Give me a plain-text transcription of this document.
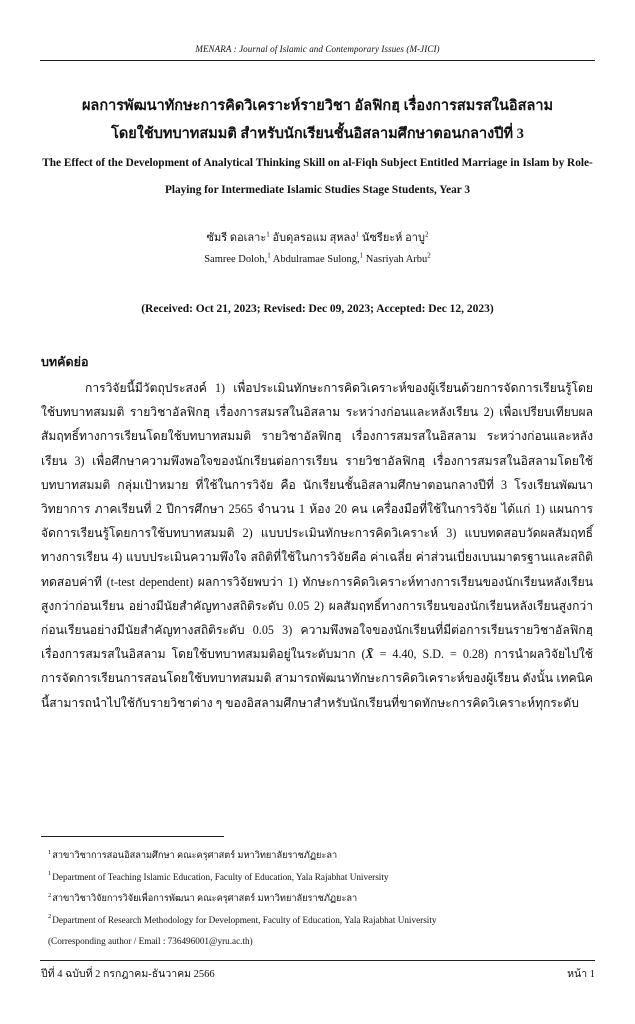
MENARA : Journal of Islamic and Contemporary Issues (M-JICI)
ผลการพัฒนาทักษะการคิดวิเคราะห์รายวิชา อัลฟิกฮฺ เรื่องการสมรสในอิสลาม
โดยใช้บทบาทสมมติ สำหรับนักเรียนชั้นอิสลามศึกษาตอนกลางปีที่ 3
The Effect of the Development of Analytical Thinking Skill on al-Fiqh Subject Entitled Marriage in Islam by Role-Playing for Intermediate Islamic Studies Stage Students, Year 3
ซัมรี ดอเลาะ$^1$ อับดุลรอแม สุหลง$^1$ นัซรียะห์ อาบู$^2$
Samree Doloh,$^1$ Abdulramae Sulong,$^1$ Nasriyah Arbu$^2$
(Received: Oct 21, 2023; Revised: Dec 09, 2023; Accepted: Dec 12, 2023)
บทคัดย่อ
การวิจัยนี้มีวัตถุประสงค์ 1) เพื่อประเมินทักษะการคิดวิเคราะห์ของผู้เรียนด้วยการจัดการเรียนรู้โดยใช้บทบาทสมมติ รายวิชาอัลฟิกฮฺ เรื่องการสมรสในอิสลาม ระหว่างก่อนและหลังเรียน 2) เพื่อเปรียบเทียบผลสัมฤทธิ์ทางการเรียนโดยใช้บทบาทสมมติ รายวิชาอัลฟิกฮฺ เรื่องการสมรสในอิสลาม ระหว่างก่อนและหลังเรียน 3) เพื่อศึกษาความพึงพอใจของนักเรียนต่อการเรียน รายวิชาอัลฟิกฮฺ เรื่องการสมรสในอิสลามโดยใช้บทบาทสมมติ กลุ่มเป้าหมาย ที่ใช้ในการวิจัย คือ นักเรียนชั้นอิสลามศึกษาตอนกลางปีที่ 3 โรงเรียนพัฒนาวิทยาการ ภาคเรียนที่ 2 ปีการศึกษา 2565 จำนวน 1 ห้อง 20 คน เครื่องมือที่ใช้ในการวิจัย ได้แก่ 1) แผนการจัดการเรียนรู้โดยการใช้บทบาทสมมติ 2) แบบประเมินทักษะการคิดวิเคราะห์ 3) แบบทดสอบวัดผลสัมฤทธิ์ทางการเรียน 4) แบบประเมินความพึงใจ สถิติที่ใช้ในการวิจัยคือ ค่าเฉลี่ย ค่าส่วนเบี่ยงเบนมาตรฐานและสถิติทดสอบค่าที (t-test dependent) ผลการวิจัยพบว่า 1) ทักษะการคิดวิเคราะห์ทางการเรียนของนักเรียนหลังเรียนสูงกว่าก่อนเรียน อย่างมีนัยสำคัญทางสถิติระดับ 0.05 2) ผลสัมฤทธิ์ทางการเรียนของนักเรียนหลังเรียนสูงกว่าก่อนเรียนอย่างมีนัยสำคัญทางสถิติระดับ 0.05 3) ความพึงพอใจของนักเรียนที่มีต่อการเรียนรายวิชาอัลฟิกฮฺ เรื่องการสมรสในอิสลาม โดยใช้บทบาทสมมติอยู่ในระดับมาก (X̄ = 4.40, S.D. = 0.28) การนำผลวิจัยไปใช้ การจัดการเรียนการสอนโดยใช้บทบาทสมมติ สามารถพัฒนาทักษะการคิดวิเคราะห์ของผู้เรียน ดังนั้น เทคนิคนี้สามารถนำไปใช้กับรายวิชาต่าง ๆ ของอิสลามศึกษาสำหรับนักเรียนที่ขาดทักษะการคิดวิเคราะห์ทุกระดับ
$^1$สาขาวิชาการสอนอิสลามศึกษา คณะครุศาสตร์ มหาวิทยาลัยราชภัฏยะลา
$^1$Department of Teaching Islamic Education, Faculty of Education, Yala Rajabhat University
$^2$สาขาวิชาวิจัยการวิจัยเพื่อการพัฒนา คณะครุศาสตร์ มหาวิทยาลัยราชภัฏยะลา
$^2$Department of Research Methodology for Development, Faculty of Education, Yala Rajabhat University
(Corresponding author / Email : 736496001@yru.ac.th)
ปีที่ 4 ฉบับที่ 2 กรกฎาคม-ธันวาคม 2566	หน้า 1
